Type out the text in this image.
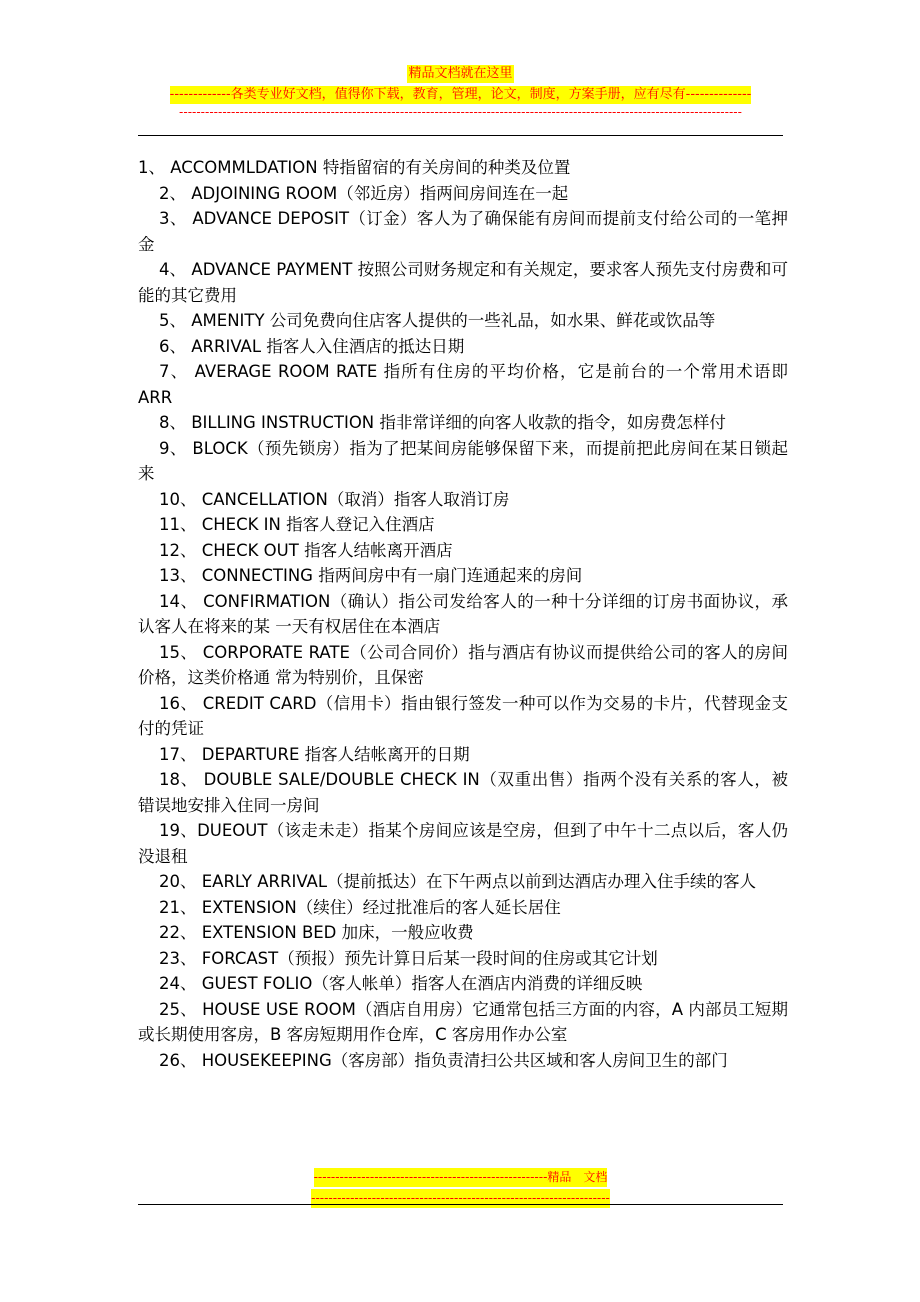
精品文档就在这里
-------------各类专业好文档，值得你下载，教育，管理，论文，制度，方案手册，应有尽有--------------
----------------------------------------------------------------------------------------------------------------------------------

1、 ACCOMMLDATION 特指留宿的有关房间的种类及位置

2、 ADJOINING ROOM（邻近房）指两间房间连在一起

3、 ADVANCE DEPOSIT（订金）客人为了确保能有房间而提前支付给公司的一笔押金

4、 ADVANCE PAYMENT 按照公司财务规定和有关规定，要求客人预先支付房费和可能的其它费用

5、 AMENITY 公司免费向住店客人提供的一些礼品，如水果、鲜花或饮品等

6、 ARRIVAL 指客人入住酒店的抵达日期

7、 AVERAGE ROOM RATE 指所有住房的平均价格，它是前台的一个常用术语即 ARR

8、 BILLING INSTRUCTION 指非常详细的向客人收款的指令，如房费怎样付

9、 BLOCK（预先锁房）指为了把某间房能够保留下来，而提前把此房间在某日锁起来

10、 CANCELLATION（取消）指客人取消订房

11、 CHECK IN 指客人登记入住酒店

12、 CHECK OUT 指客人结帐离开酒店

13、 CONNECTING 指两间房中有一扇门连通起来的房间

14、 CONFIRMATION（确认）指公司发给客人的一种十分详细的订房书面协议，承认客人在将来的某 一天有权居住在本酒店

15、 CORPORATE RATE（公司合同价）指与酒店有协议而提供给公司的客人的房间价格，这类价格通 常为特别价，且保密

16、 CREDIT CARD（信用卡）指由银行签发一种可以作为交易的卡片，代替现金支付的凭证

17、 DEPARTURE 指客人结帐离开的日期

18、 DOUBLE SALE/DOUBLE CHECK IN（双重出售）指两个没有关系的客人，被错误地安排入住同一房间

19、DUEOUT（该走未走）指某个房间应该是空房，但到了中午十二点以后，客人仍没退租

20、 EARLY ARRIVAL（提前抵达）在下午两点以前到达酒店办理入住手续的客人

21、 EXTENSION（续住）经过批准后的客人延长居住

22、 EXTENSION BED 加床，一般应收费

23、 FORCAST（预报）预先计算日后某一段时间的住房或其它计划

24、 GUEST FOLIO（客人帐单）指客人在酒店内消费的详细反映

25、 HOUSE USE ROOM（酒店自用房）它通常包括三方面的内容，A 内部员工短期或长期使用客房，B 客房短期用作仓库，C 客房用作办公室

26、 HOUSEKEEPING（客房部）指负责清扫公共区域和客人房间卫生的部门

------------------------------------------------------精品　文档
---------------------------------------------------------------------
